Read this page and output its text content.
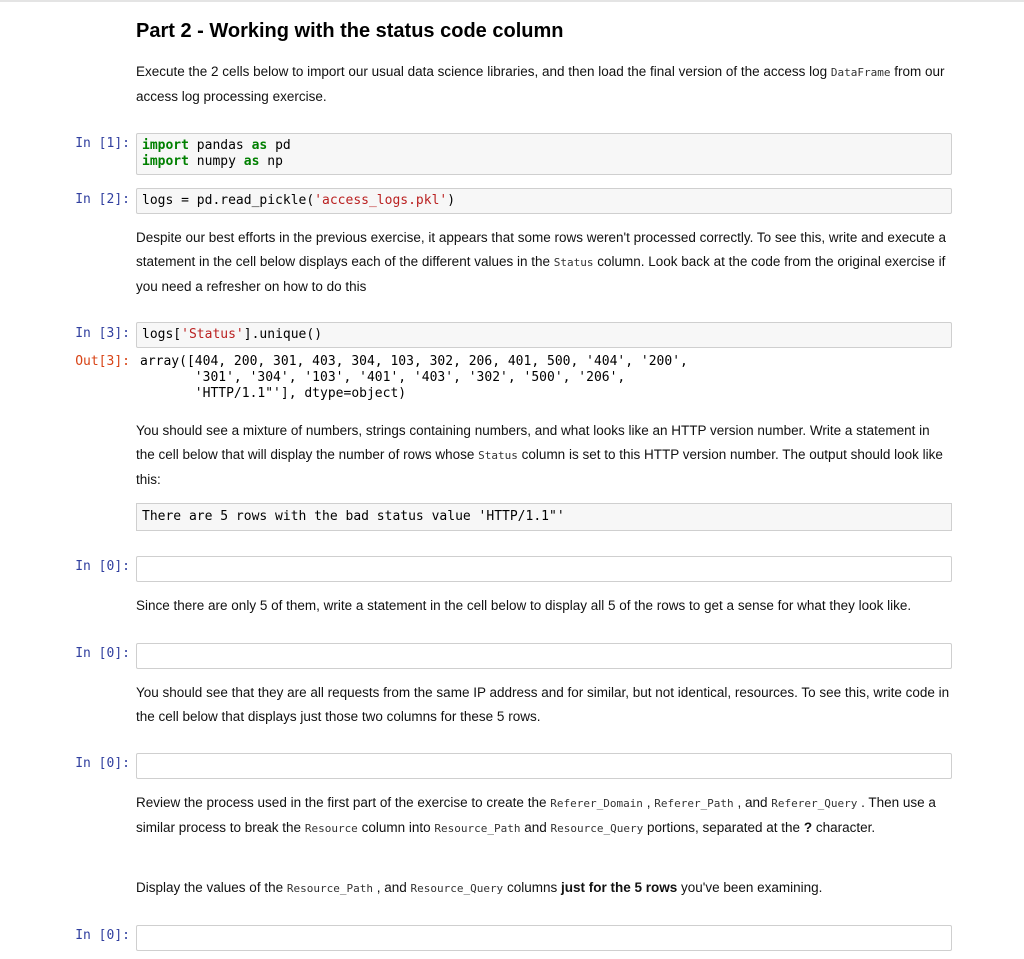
Part 2 - Working with the status code column
Execute the 2 cells below to import our usual data science libraries, and then load the final version of the access log DataFrame from our access log processing exercise.
In [1]: import pandas as pd
import numpy as np
In [2]: logs = pd.read_pickle('access_logs.pkl')
Despite our best efforts in the previous exercise, it appears that some rows weren't processed correctly. To see this, write and execute a statement in the cell below displays each of the different values in the Status column. Look back at the code from the original exercise if you need a refresher on how to do this
In [3]: logs['Status'].unique()
Out[3]: array([404, 200, 301, 403, 304, 103, 302, 206, 401, 500, '404', '200',
'301', '304', '103', '401', '403', '302', '500', '206',
'HTTP/1.1"'], dtype=object)
You should see a mixture of numbers, strings containing numbers, and what looks like an HTTP version number. Write a statement in the cell below that will display the number of rows whose Status column is set to this HTTP version number. The output should look like this:
There are 5 rows with the bad status value 'HTTP/1.1"'
In [0]:
Since there are only 5 of them, write a statement in the cell below to display all 5 of the rows to get a sense for what they look like.
In [0]:
You should see that they are all requests from the same IP address and for similar, but not identical, resources. To see this, write code in the cell below that displays just those two columns for these 5 rows.
In [0]:
Review the process used in the first part of the exercise to create the Referer_Domain , Referer_Path , and Referer_Query . Then use a similar process to break the Resource column into Resource_Path and Resource_Query portions, separated at the ? character.
Display the values of the Resource_Path , and Resource_Query columns just for the 5 rows you've been examining.
In [0]:
